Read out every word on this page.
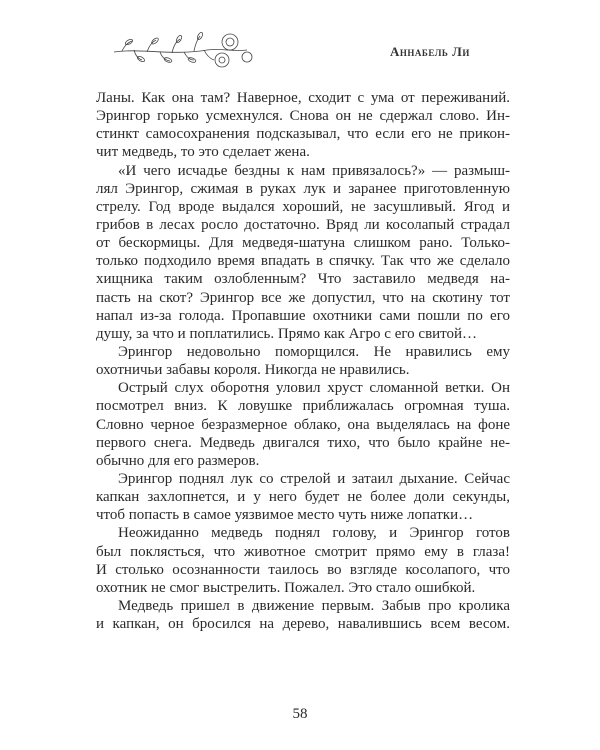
Аннабель Ли
Ланы. Как она там? Наверное, сходит с ума от переживаний.
Эрингор горько усмехнулся. Снова он не сдержал слово. Ин-
стинкт самосохранения подсказывал, что если его не прикон-
чит медведь, то это сделает жена.
«И чего исчадье бездны к нам привязалось?» — размыш-
лял Эрингор, сжимая в руках лук и заранее приготовленную
стрелу. Год вроде выдался хороший, не засушливый. Ягод и
грибов в лесах росло достаточно. Вряд ли косолапый страдал
от бескормицы. Для медведя-шатуна слишком рано. Только-
только подходило время впадать в спячку. Так что же сделало
хищника таким озлобленным? Что заставило медведя на-
пасть на скот? Эрингор все же допустил, что на скотину тот
напал из-за голода. Пропавшие охотники сами пошли по его
душу, за что и поплатились. Прямо как Агро с его свитой…
Эрингор недовольно поморщился. Не нравились ему
охотничьи забавы короля. Никогда не нравились.
Острый слух оборотня уловил хруст сломанной ветки. Он
посмотрел вниз. К ловушке приближалась огромная туша.
Словно черное безразмерное облако, она выделялась на фоне
первого снега. Медведь двигался тихо, что было крайне не-
обычно для его размеров.
Эрингор поднял лук со стрелой и затаил дыхание. Сейчас
капкан захлопнется, и у него будет не более доли секунды,
чтоб попасть в самое уязвимое место чуть ниже лопатки…
Неожиданно медведь поднял голову, и Эрингор готов
был поклясться, что животное смотрит прямо ему в глаза!
И столько осознанности таилось во взгляде косолапого, что
охотник не смог выстрелить. Пожалел. Это стало ошибкой.
Медведь пришел в движение первым. Забыв про кролика
и капкан, он бросился на дерево, навалившись всем весом.
58
